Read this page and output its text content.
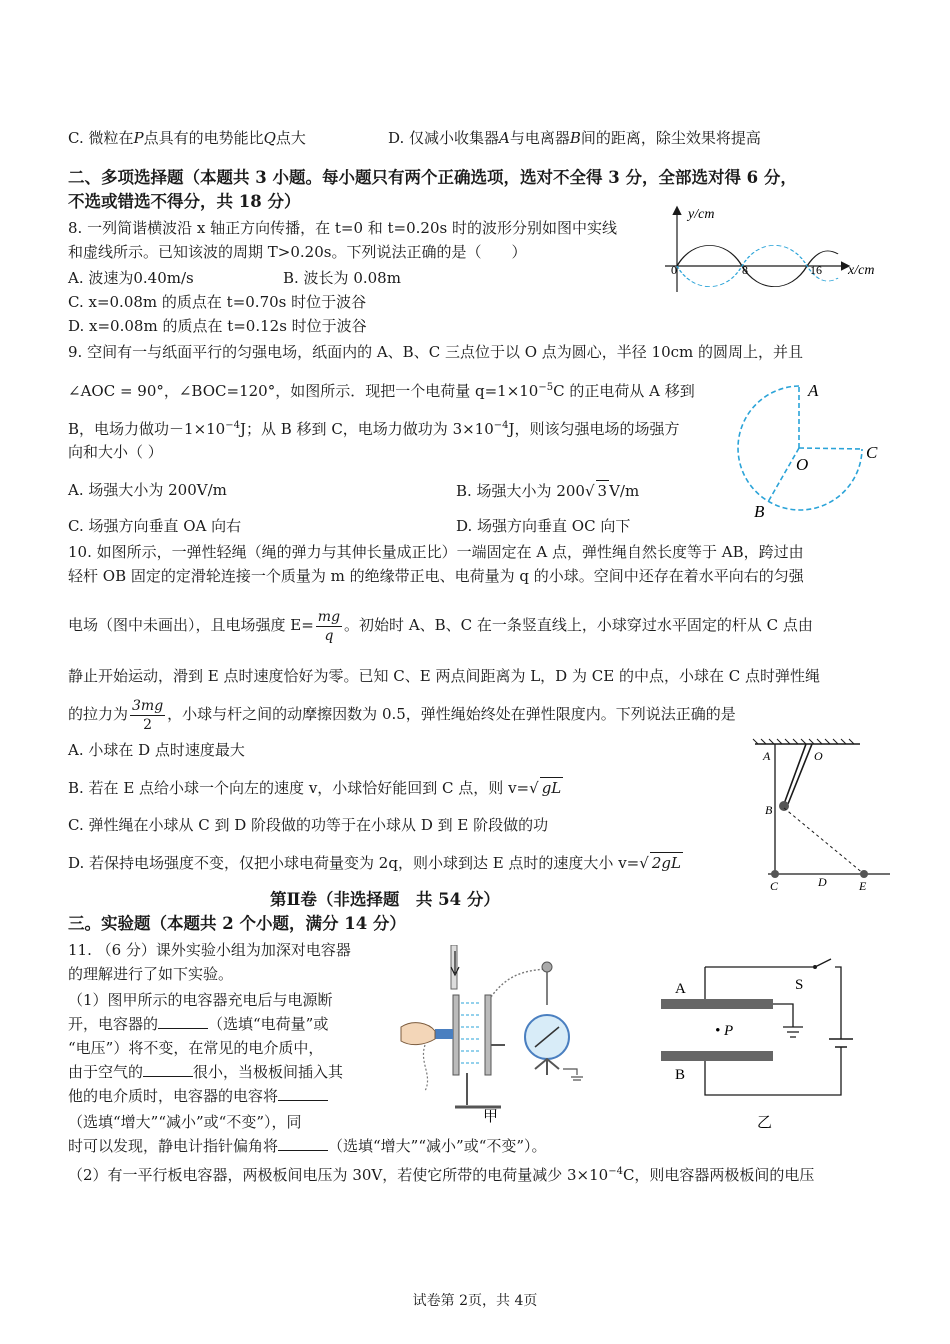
C. 微粒在P点具有的电势能比Q点大	D. 仅减小收集器A与电离器B间的距离，除尘效果将提高
二、多项选择题（本题共 3 小题。每小题只有两个正确选项，选对不全得 3 分，全部选对得 6 分，
不选或错选不得分，共 18 分）
8. 一列简谐横波沿 x 轴正方向传播，在 t=0 和 t=0.20s 时的波形分别如图中实线
和虚线所示。已知该波的周期 T>0.20s。下列说法正确的是（　　）
A. 波速为0.40m/s	B. 波长为 0.08m
C. x=0.08m 的质点在 t=0.70s 时位于波谷
D. x=0.08m 的质点在 t=0.12s 时位于波谷
y/cm
x/cm
0	8	16
9. 空间有一与纸面平行的匀强电场，纸面内的 A、B、C 三点位于以 O 点为圆心，半径 10cm 的圆周上，并且
∠AOC = 90°，∠BOC=120°，如图所示．现把一个电荷量 $q=1\times 10^{-5}C$ 的正电荷从 A 移到
B，电场力做功$-1\times 10^{-4}J$；从 B 移到 C，电场力做功为 $3\times 10^{-4}J$，则该匀强电场的场强方
向和大小（ ）
A. 场强大小为 200V/m	B. 场强大小为 200√ 3 V/m
C. 场强方向垂直 OA 向右	D. 场强方向垂直 OC 向下
A
C
O
B
10. 如图所示，一弹性轻绳（绳的弹力与其伸长量成正比）一端固定在 A 点，弹性绳自然长度等于 AB，跨过由
轻杆 OB 固定的定滑轮连接一个质量为 m 的绝缘带正电、电荷量为 q 的小球。空间中还存在着水平向右的匀强
电场（图中未画出），且电场强度 $E= \frac{mg}{q}$ 。初始时 A、B、C 在一条竖直线上，小球穿过水平固定的杆从 C 点由
静止开始运动，滑到 E 点时速度恰好为零。已知 C、E 两点间距离为 L，D 为 CE 的中点，小球在 C 点时弹性绳
的拉力为 $\frac{3mg}{2}$ ，小球与杆之间的动摩擦因数为 0.5，弹性绳始终处在弹性限度内。下列说法正确的是
A. 小球在 D 点时速度最大
B. 若在 E 点给小球一个向左的速度 v，小球恰好能回到 C 点，则 v=√ gL
C. 弹性绳在小球从 C 到 D 阶段做的功等于在小球从 D 到 E 阶段做的功
D. 若保持电场强度不变，仅把小球电荷量变为 2q，则小球到达 E 点时的速度大小 v=√ 2gL
A	O
B
C	D	E
第Ⅱ卷（非选择题　共 54 分）
三。实验题（本题共 2 个小题，满分 14 分）
11. （6 分）课外实验小组为加深对电容器
的理解进行了如下实验。
（1）图甲所示的电容器充电后与电源断
开，电容器的	（选填“电荷量”或
“电压”）将不变，在常见的电介质中，
由于空气的	很小，当极板间插入其
他的电介质时，电容器的电容将
（选填“增大”“减小”或“不变”），同
时可以发现，静电计指针偏角将	（选填“增大”“减小”或“不变”）。
（2）有一平行板电容器，两极板间电压为 30V，若使它所带的电荷量减少 $3\times 10^{-4}C$，则电容器两极板间的电压
甲
A
B
• P
S
乙
试卷第 2页，共 4页
